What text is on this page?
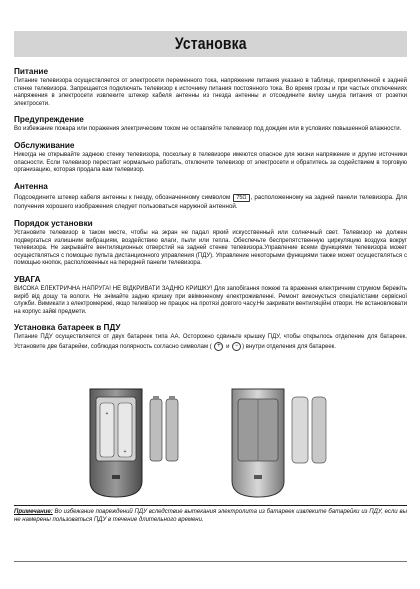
Установка
Питание

Питание телевизора осуществляется от электросети переменного тока, напряжение питания указано в таблице, прикрепленной к задней стенке телевизора. Запрещается подключать телевизор к источнику питания постоянного тока. Во время грозы и при частых отключениях напряжения в электросети извлеките штекер кабеля антенны из гнезда антенны и отсоедините вилку шнура питания от розетки электросети.

Предупреждение

Во избежание пожара или поражения электрическим током не оставляйте телевизор под дождем или в условиях повышенной влажности.

Обслуживание

Никогда не открывайте заднюю стенку телевизора, поскольку в телевизоре имеются опасное для жизни напряжение и другие источники опасности. Если телевизор перестает нормально работать, отключите телевизор от электросети и обратитесь за содействием в торговую организацию, которая продала вам телевизор.

Антенна

Подсоедините штекер кабеля антенны к гнезду, обозначенному символом 75Ω , расположенному на задней панели телевизора. Для получения хорошего изображения следует пользоваться наружной антенной.

Порядок установки

Установите телевизор в таком месте, чтобы на экран не падал яркий искусственный или солнечный свет. Телевизор не должен подвергаться излишним вибрациям, воздействию влаги, пыли или тепла. Обеспечьте беспрепятственную циркуляцию воздуха вокруг телевизора. Не закрывайте вентиляционных отверстий на задней стенке телевизора.Управление всеми функциями телевизора может осуществляться с помощью пульта дистанционного управления (ПДУ). Управление некоторыми функциями также может осуществляться с помощью кнопок, расположенных на передней панели телевизора.

УВАГА

ВИСОКА ЕЛЕКТРИЧНА НАПРУГА! НЕ ВІДКРИВАТИ ЗАДНЮ КРИШКУ! Для запобігання пожежі та враження електричним струмом бережіть виріб від дощу та вологи. Не знімайте задню кришку при ввімкненому електроживленні. Ремонт виконується спеціалістами сервісної служби. Вимикати з електромережі, якщо телевізор не працює на протязі довгого часу.Не закривати вентиляційні отвори. Не встановлювати на корпус зайві предмети.

Установка батареек в ПДУ

Питание ПДУ осуществляется от двух батареек типа АА. Осторожно сдвиньте крышку ПДУ, чтобы открылось отделение для батареек. Установите две батарейки, соблюдая полярность согласно символам ( + и − ) внутри отделения для батареек.

+
+

Примечание: Во избежание повреждений ПДУ вследствие вытекания электролита из батареек извлеките батарейки из ПДУ, если вы не намерены пользоваться ПДУ в течение длительного времени.
